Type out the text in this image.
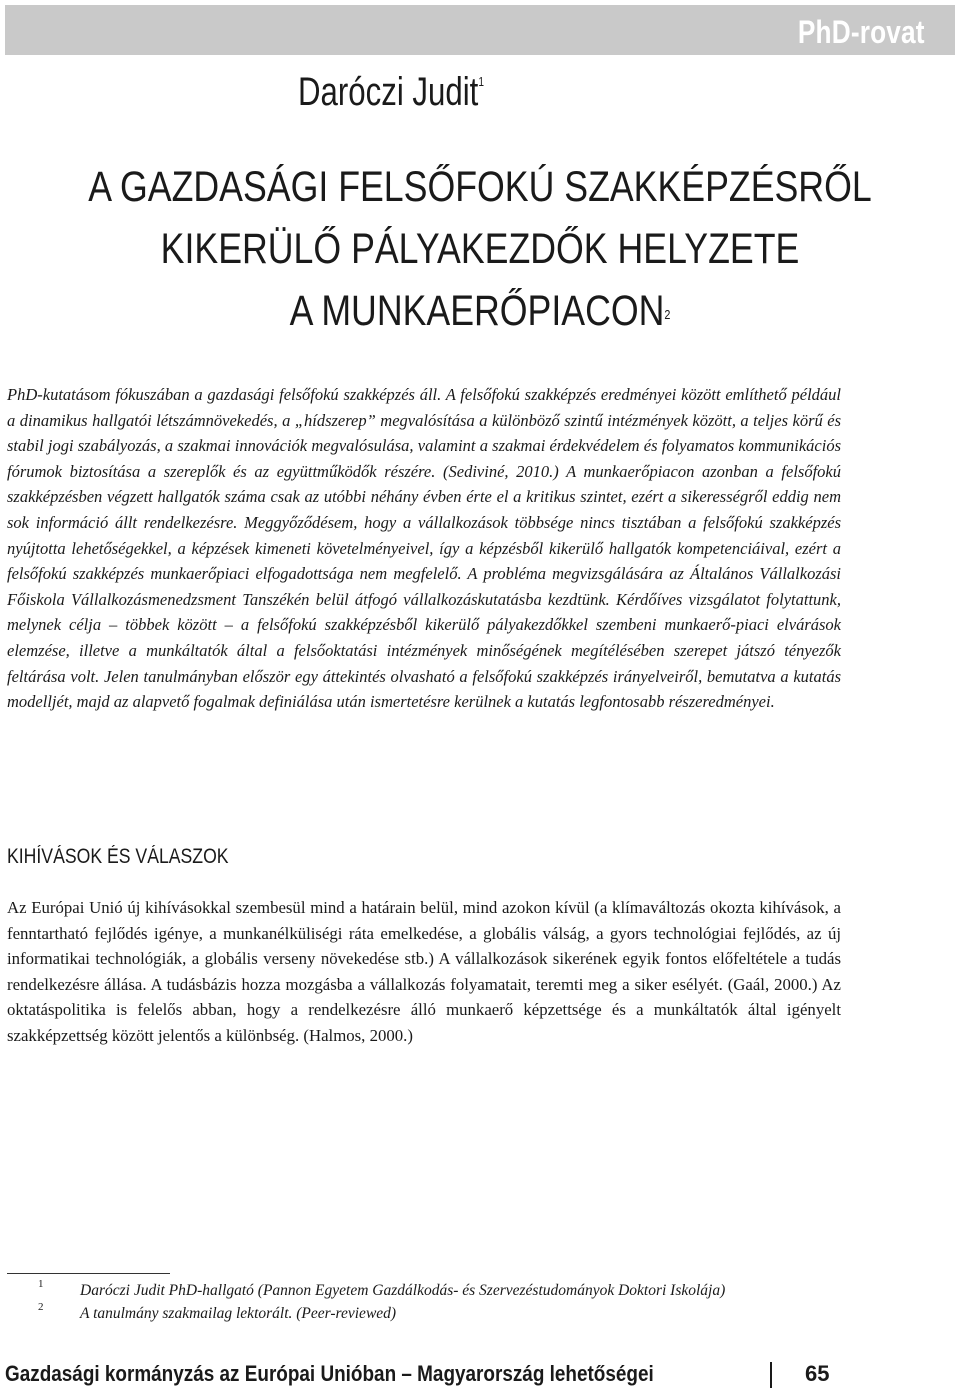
PhD-rovat
Daróczi Judit$^1$
A GAZDASÁGI FELSŐFOKÚ SZAKKÉPZÉSRŐL
KIKERÜLŐ PÁLYAKEZDŐK HELYZETE
A MUNKAERŐPIACON$^2$

PhD-kutatásom fókuszában a gazdasági felsőfokú szakképzés áll. A felsőfokú szakképzés eredményei között említhető például a dinamikus hallgatói létszámnövekedés, a „hídszerep” megvalósítása a különböző szintű intézmények között, a teljes körű és stabil jogi szabályozás, a szakmai innovációk megvalósulása, valamint a szakmai érdekvédelem és folyamatos kommunikációs fórumok biztosítása a szereplők és az együttműködők részére. (Sediviné, 2010.) A munkaerőpiacon azonban a felsőfokú szakképzésben végzett hallgatók száma csak az utóbbi néhány évben érte el a kritikus szintet, ezért a sikerességről eddig nem sok információ állt rendelkezésre. Meggyőződésem, hogy a vállalkozások többsége nincs tisztában a felsőfokú szakképzés nyújtotta lehetőségekkel, a képzések kimeneti követelményeivel, így a képzésből kikerülő hallgatók kompetenciáival, ezért a felsőfokú szakképzés munkaerőpiaci elfogadottsága nem megfelelő. A probléma megvizsgálására az Általános Vállalkozási Főiskola Vállalkozásmenedzsment Tanszékén belül átfogó vállalkozáskutatásba kezdtünk. Kérdőíves vizsgálatot folytattunk, melynek célja – többek között – a felsőfokú szakképzésből kikerülő pályakezdőkkel szembeni munkaerő-piaci elvárások elemzése, illetve a munkáltatók által a felsőoktatási intézmények minőségének megítélésében szerepet játszó tényezők feltárása volt. Jelen tanulmányban először egy áttekintés olvasható a felsőfokú szakképzés irányelveiről, bemutatva a kutatás modelljét, majd az alapvető fogalmak definiálása után ismertetésre kerülnek a kutatás legfontosabb részeredményei.

KIHÍVÁSOK ÉS VÁLASZOK

Az Európai Unió új kihívásokkal szembesül mind a határain belül, mind azokon kívül (a klímaváltozás okozta kihívások, a fenntartható fejlődés igénye, a munkanélküliségi ráta emelkedése, a globális válság, a gyors technológiai fejlődés, az új informatikai technológiák, a globális verseny növekedése stb.) A vállalkozások sikerének egyik fontos előfeltétele a tudás rendelkezésre állása. A tudásbázis hozza mozgásba a vállalkozás folyamatait, teremti meg a siker esélyét. (Gaál, 2000.) Az oktatáspolitika is felelős abban, hogy a rendelkezésre álló munkaerő képzettsége és a munkáltatók által igényelt szakképzettség között jelentős a különbség. (Halmos, 2000.)

1 Daróczi Judit PhD-hallgató (Pannon Egyetem Gazdálkodás- és Szervezéstudományok Doktori Iskolája)
2 A tanulmány szakmailag lektorált. (Peer-reviewed)
Gazdasági kormányzás az Európai Unióban – Magyarország lehetőségei	65
